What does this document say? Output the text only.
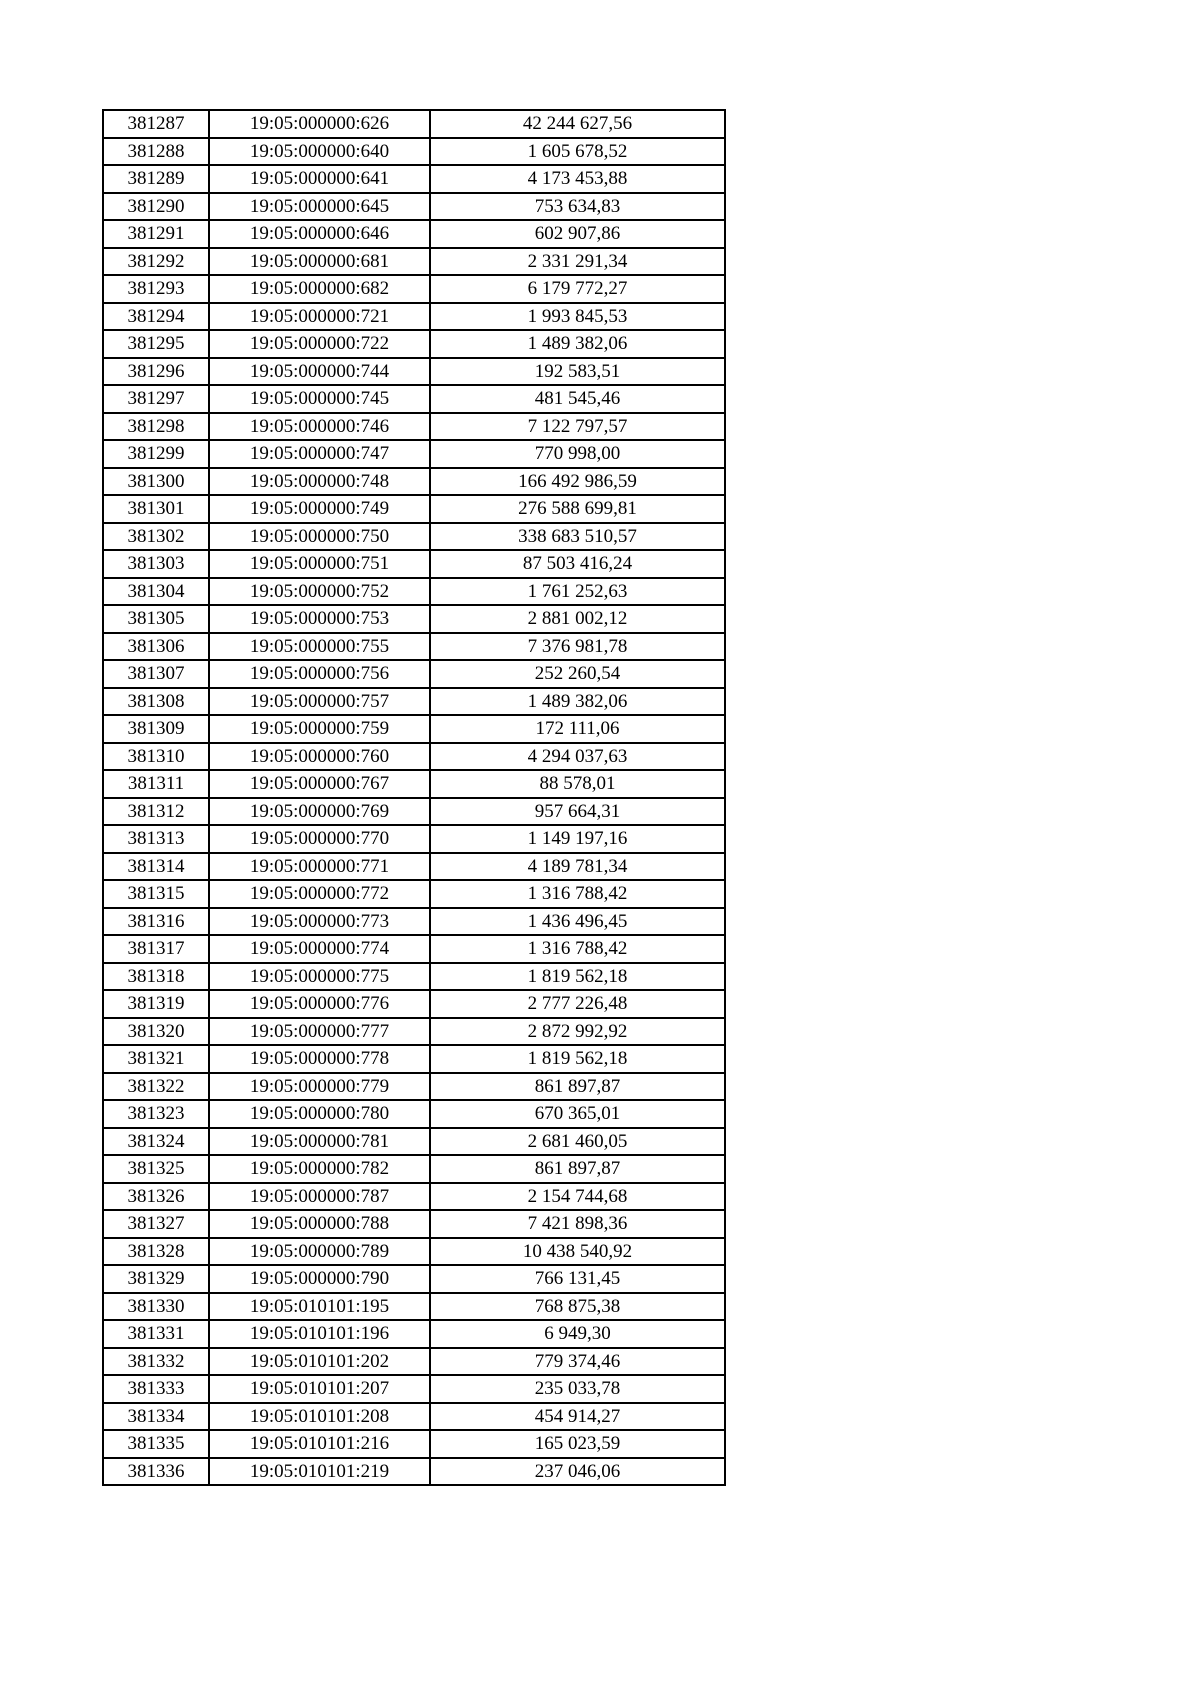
381287	19:05:000000:626	42 244 627,56
381288	19:05:000000:640	1 605 678,52
381289	19:05:000000:641	4 173 453,88
381290	19:05:000000:645	753 634,83
381291	19:05:000000:646	602 907,86
381292	19:05:000000:681	2 331 291,34
381293	19:05:000000:682	6 179 772,27
381294	19:05:000000:721	1 993 845,53
381295	19:05:000000:722	1 489 382,06
381296	19:05:000000:744	192 583,51
381297	19:05:000000:745	481 545,46
381298	19:05:000000:746	7 122 797,57
381299	19:05:000000:747	770 998,00
381300	19:05:000000:748	166 492 986,59
381301	19:05:000000:749	276 588 699,81
381302	19:05:000000:750	338 683 510,57
381303	19:05:000000:751	87 503 416,24
381304	19:05:000000:752	1 761 252,63
381305	19:05:000000:753	2 881 002,12
381306	19:05:000000:755	7 376 981,78
381307	19:05:000000:756	252 260,54
381308	19:05:000000:757	1 489 382,06
381309	19:05:000000:759	172 111,06
381310	19:05:000000:760	4 294 037,63
381311	19:05:000000:767	88 578,01
381312	19:05:000000:769	957 664,31
381313	19:05:000000:770	1 149 197,16
381314	19:05:000000:771	4 189 781,34
381315	19:05:000000:772	1 316 788,42
381316	19:05:000000:773	1 436 496,45
381317	19:05:000000:774	1 316 788,42
381318	19:05:000000:775	1 819 562,18
381319	19:05:000000:776	2 777 226,48
381320	19:05:000000:777	2 872 992,92
381321	19:05:000000:778	1 819 562,18
381322	19:05:000000:779	861 897,87
381323	19:05:000000:780	670 365,01
381324	19:05:000000:781	2 681 460,05
381325	19:05:000000:782	861 897,87
381326	19:05:000000:787	2 154 744,68
381327	19:05:000000:788	7 421 898,36
381328	19:05:000000:789	10 438 540,92
381329	19:05:000000:790	766 131,45
381330	19:05:010101:195	768 875,38
381331	19:05:010101:196	6 949,30
381332	19:05:010101:202	779 374,46
381333	19:05:010101:207	235 033,78
381334	19:05:010101:208	454 914,27
381335	19:05:010101:216	165 023,59
381336	19:05:010101:219	237 046,06
